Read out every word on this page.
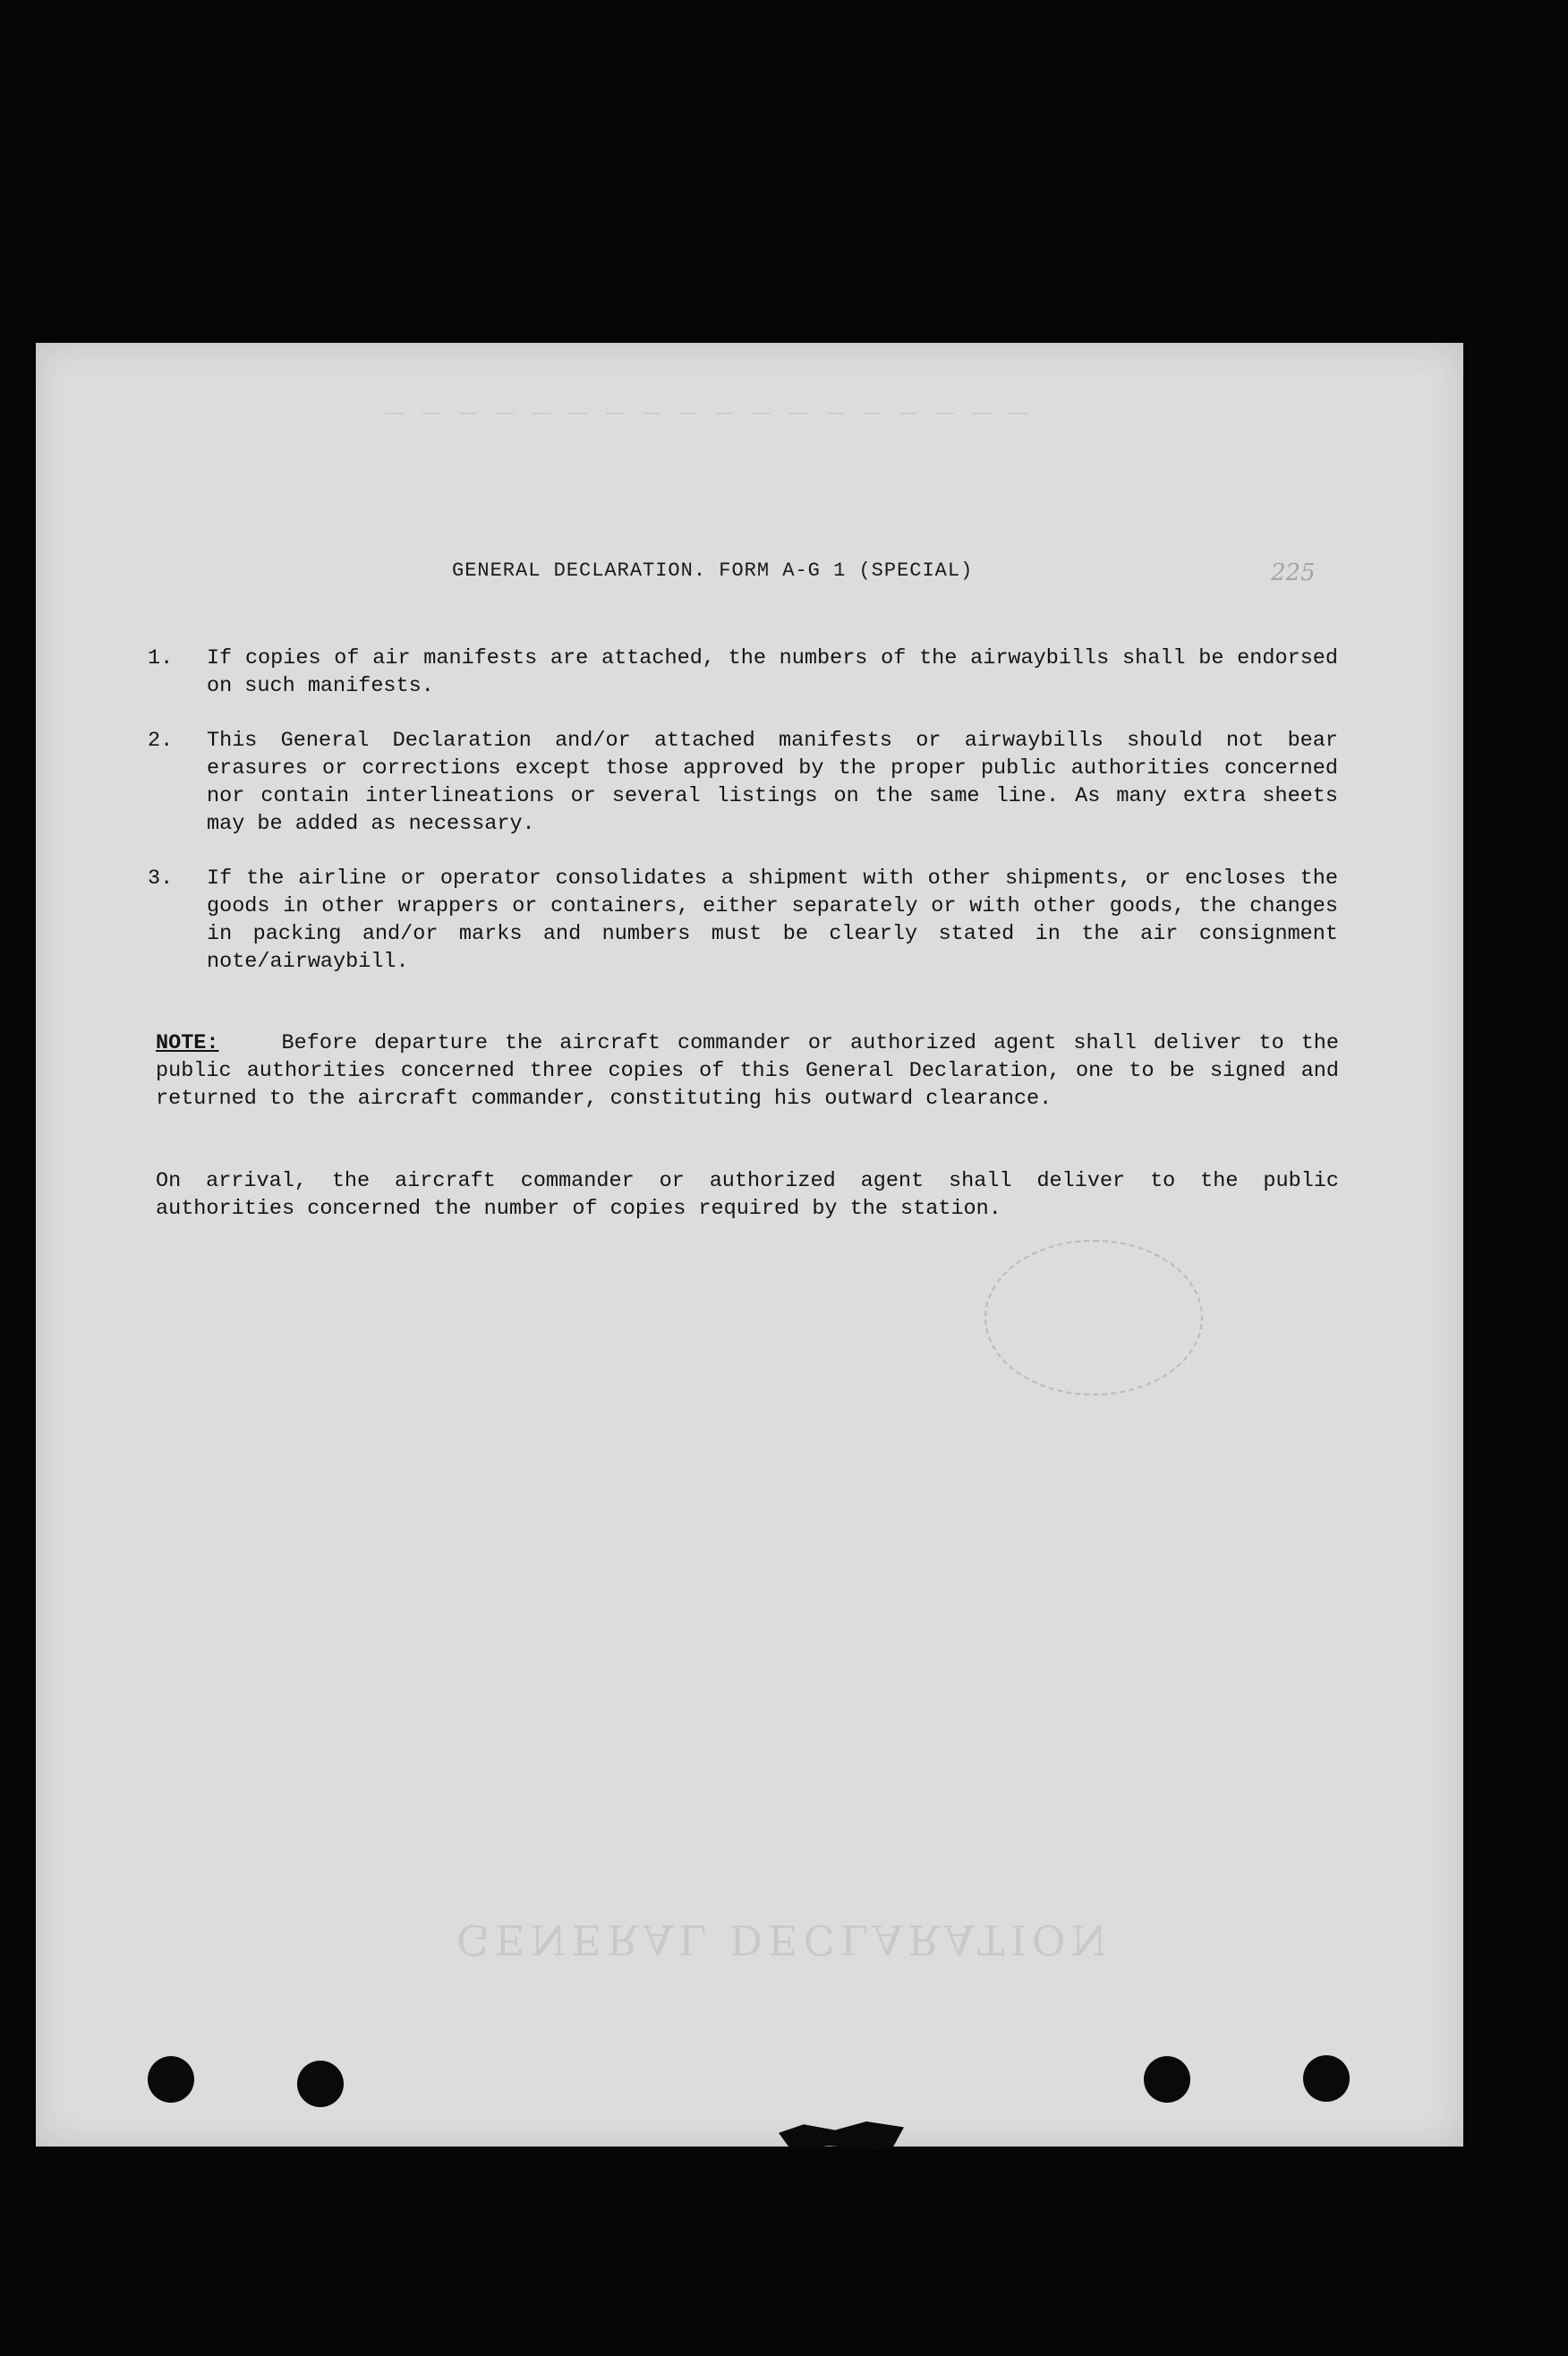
GENERAL DECLARATION
— — — — — — — — — — — — — — — — — —
GENERAL DECLARATION. FORM A-G 1 (SPECIAL)	225
1. If copies of air manifests are attached, the numbers of the airwaybills shall be endorsed on such manifests.
2. This General Declaration and/or attached manifests or airwaybills should not bear erasures or corrections except those approved by the proper public authorities concerned nor contain interlineations or several listings on the same line. As many extra sheets may be added as necessary.
3. If the airline or operator consolidates a shipment with other shipments, or encloses the goods in other wrappers or containers, either separately or with other goods, the changes in packing and/or marks and numbers must be clearly stated in the air consignment note/airwaybill.
NOTE:	Before departure the aircraft commander or authorized agent shall deliver to the public authorities concerned three copies of this General Declaration, one to be signed and returned to the aircraft commander, constituting his outward clearance.
On arrival, the aircraft commander or authorized agent shall deliver to the public authorities concerned the number of copies required by the station.
